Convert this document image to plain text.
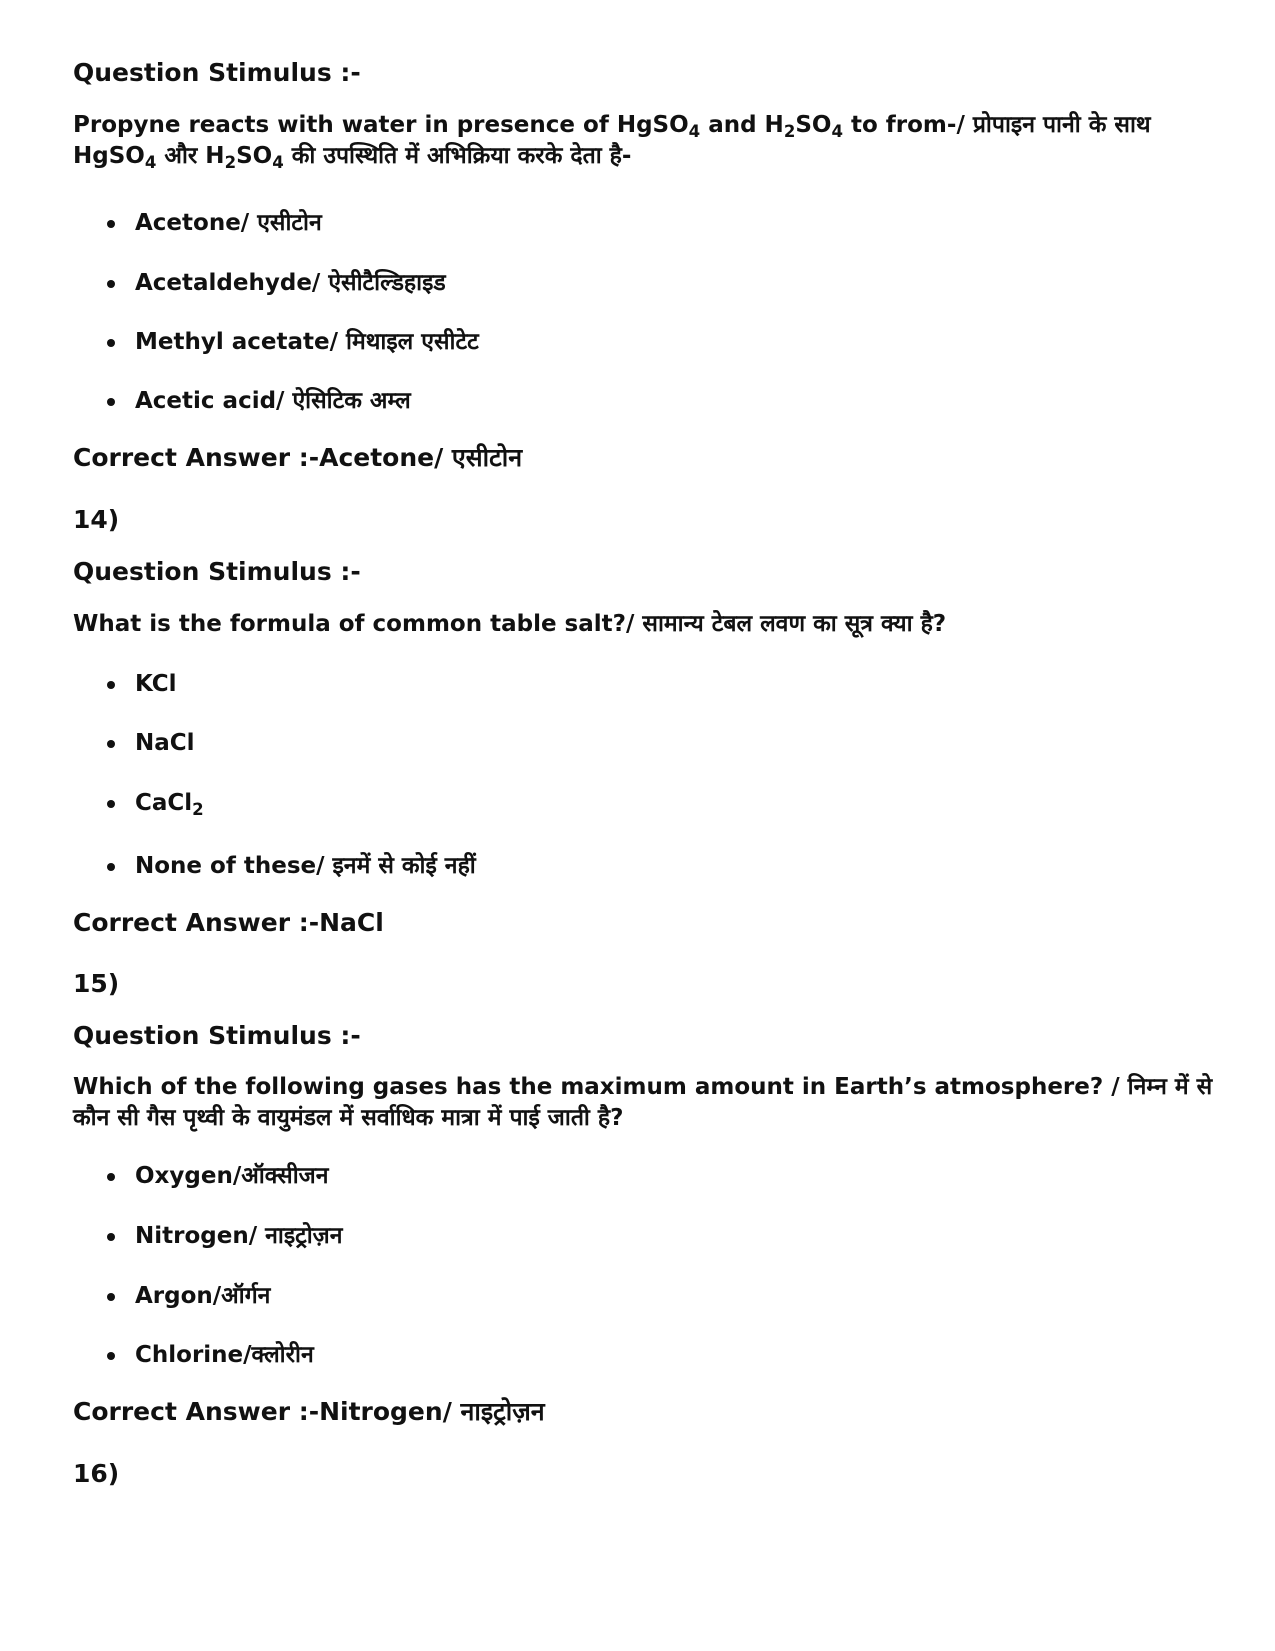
Question Stimulus :-
Propyne reacts with water in presence of HgSO$_4$ and $H_2SO_4$ to from-/ प्रोपाइन पानी के साथ HgSO$_4$ और $H_2SO_4$ की उपस्थिति में अभिक्रिया करके देता है-
Acetone/ एसीटोन
Acetaldehyde/ ऐसीटैल्डिहाइड
Methyl acetate/ मिथाइल एसीटेट
Acetic acid/ ऐसिटिक अम्ल
Correct Answer :-Acetone/ एसीटोन
14)
Question Stimulus :-
What is the formula of common table salt?/ सामान्य टेबल लवण का सूत्र क्या है?
KCl
NaCl
CaCl$_2$
None of these/ इनमें से कोई नहीं
Correct Answer :-NaCl
15)
Question Stimulus :-
Which of the following gases has the maximum amount in Earth’s atmosphere? / निम्न में से कौन सी गैस पृथ्वी के वायुमंडल में सर्वाधिक मात्रा में पाई जाती है?
Oxygen/ऑक्सीजन
Nitrogen/ नाइट्रोज़न
Argon/ऑर्गन
Chlorine/क्लोरीन
Correct Answer :-Nitrogen/ नाइट्रोज़न
16)
